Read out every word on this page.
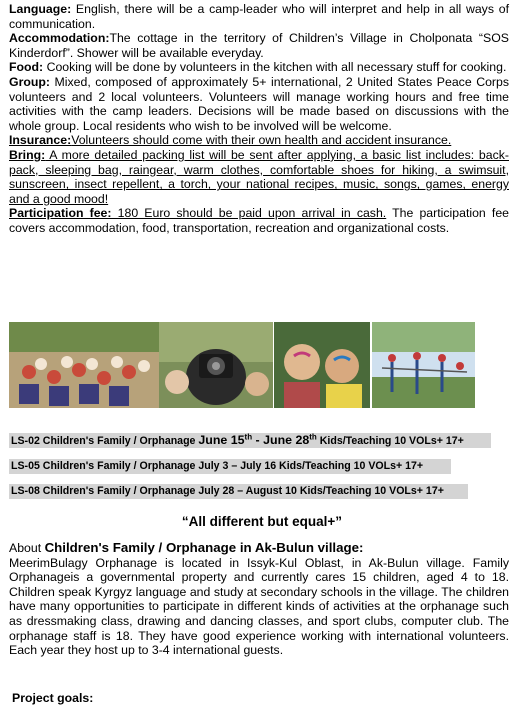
Language: English, there will be a camp-leader who will interpret and help in all ways of communication.

Accommodation:The cottage in the territory of Children’s Village in Cholponata “SOS Kinderdorf”. Shower will be available everyday.

Food: Cooking will be done by volunteers in the kitchen with all necessary stuff for cooking.

Group: Mixed, composed of approximately 5+ international, 2 United States Peace Corps volunteers and 2 local volunteers. Volunteers will manage working hours and free time activities with the camp leaders. Decisions will be made based on discussions with the whole group. Local residents who wish to be involved will be welcome.

Insurance:Volunteers should come with their own health and accident insurance.

Bring: A more detailed packing list will be sent after applying, a basic list includes: back-pack, sleeping bag, raingear, warm clothes, comfortable shoes for hiking, a swimsuit, sunscreen, insect repellent, a torch, your national recipes, music, songs, games, energy and a good mood!

Participation fee: 180 Euro should be paid upon arrival in cash. The participation fee covers accommodation, food, transportation, recreation and organizational costs.

LS-02 Children's Family / Orphanage June 15th - June 28th Kids/Teaching 10 VOLs+ 17+
LS-05 Children's Family / Orphanage July 3 – July 16 Kids/Teaching 10 VOLs+ 17+
LS-08 Children's Family / Orphanage July 28 – August 10 Kids/Teaching 10 VOLs+ 17+
“All different but equal+”

About Children's Family / Orphanage in Ak-Bulun village:

MeerimBulagy Orphanage is located in Issyk-Kul Oblast, in Ak-Bulun village. Family Orphanageis a governmental property and currently cares 15 children, aged 4 to 18. Children speak Kyrgyz language and study at secondary schools in the village. The children have many opportunities to participate in different kinds of activities at the orphanage such as dressmaking class, drawing and dancing classes, and sport clubs, computer club. The orphanage staff is 18. They have good experience working with international volunteers. Each year they host up to 3-4 international guests.

Project goals:
